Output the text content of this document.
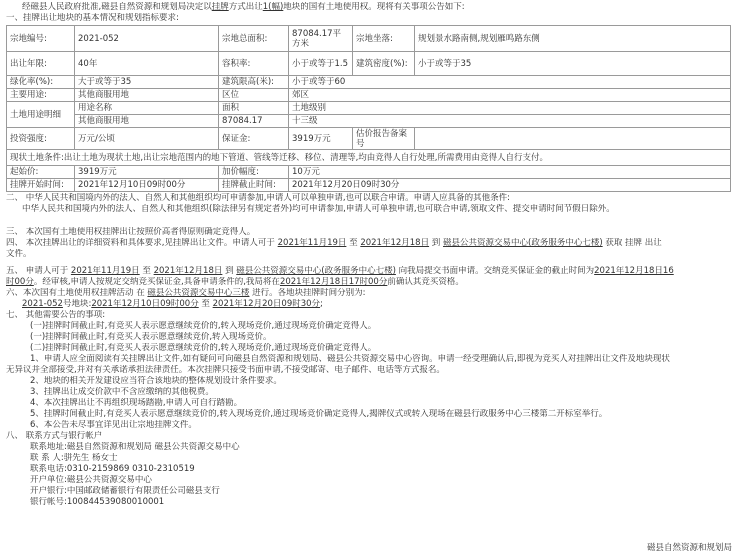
经磁县人民政府批准,磁县自然资源和规划局决定以挂牌方式出让1(幅)地块的国有土地使用权。现将有关事项公告如下:
一、挂牌出让地块的基本情况和规划指标要求:
宗地编号:	2021-052	宗地总面积:	87084.17平方米	宗地坐落:	规划景水路南侧,规划雁鸣路东侧
出让年限:	40年	容积率:	小于或等于1.5	建筑密度(%):	小于或等于35
绿化率(%):	大于或等于35	建筑限高(米):	小于或等于60		
主要用途:	其他商服用地	区位	郊区		
土地用途明细	用途名称	面积	土地级别		
	其他商服用地	87084.17	十三级		
投资强度:	万元/公顷	保证金:	3919万元	估价报告备案号	
现状土地条件:出让土地为现状土地,出让宗地范围内的地下管道、管线等迁移、移位、清理等,均由竞得人自行处理,所需费用由竞得人自行支付。					
起始价:	3919万元	加价幅度:	10万元		
挂牌开始时间:	2021年12月10日09时00分	挂牌截止时间:	2021年12月20日09时30分		
二、 中华人民共和国境内外的法人、自然人和其他组织均可申请参加,申请人可以单独申请,也可以联合申请。申请人应具备的其他条件:
中华人民共和国境内外的法人、自然人和其他组织(除法律另有规定者外)均可申请参加,申请人可单独申请,也可联合申请,领取文件、提交申请时间节假日除外。
三、 本次国有土地使用权挂牌出让按照价高者得原则确定竞得人。
四、 本次挂牌出让的详细资料和具体要求,见挂牌出让文件。申请人可于 2021年11月19日 至 2021年12月18日 到 磁县公共资源交易中心(政务服务中心七楼) 获取 挂牌 出让
文件。
五、 申请人可于 2021年11月19日 至 2021年12月18日 到 磁县公共资源交易中心(政务服务中心七楼) 向我局提交书面申请。交纳竞买保证金的截止时间为2021年12月18日16
时00分。经审核,申请人按规定交纳竞买保证金,具备申请条件的,我局将在2021年12月18日17时00分前确认其竞买资格。
六、本次国有土地使用权挂牌活动 在 磁县公共资源交易中心三楼 进行。各地块挂牌时间分别为:
2021-052号地块:2021年12月10日09时00分 至 2021年12月20日09时30分;
七、 其他需要公告的事项:
(一)挂牌时间截止时,有竞买人表示愿意继续竞价的,转入现场竞价,通过现场竞价确定竞得人。
(一)挂牌时间截止时,有竞买人表示愿意继续竞价,转入现场竞价。
(二)挂牌时间截止时,有竞买人表示愿意继续竞价的,转入现场竞价,通过现场竞价确定竞得人。
1、申请人应全面阅读有关挂牌出让文件,如有疑问可向磁县自然资源和规划局、磁县公共资源交易中心咨询。申请一经受理确认后,即视为竞买人对挂牌出让文件及地块现状
无异议并全部接受,并对有关承诺承担法律责任。本次挂牌只接受书面申请,不接受邮寄、电子邮件、电话等方式报名。
2、地块的相关开发建设应当符合该地块的整体规划设计条件要求。
3、挂牌出让成交价款中不含应缴纳的其他税费。
4、本次挂牌出让不再组织现场踏勘,申请人可自行踏勘。
5、挂牌时间截止时,有竞买人表示愿意继续竞价的,转入现场竞价,通过现场竞价确定竞得人,揭牌仪式或转入现场在磁县行政服务中心三楼第二开标室举行。
6、本公告未尽事宜详见出让宗地挂牌文件。
八、 联系方式与银行帐户
联系地址:磁县自然资源和规划局 磁县公共资源交易中心
联 系 人:骈先生 杨女士
联系电话:0310-2159869 0310-2310519
开户单位:磁县公共资源交易中心
开户银行:中国邮政储蓄银行有限责任公司磁县支行
银行帐号:100844539080010001
磁县自然资源和规划局
